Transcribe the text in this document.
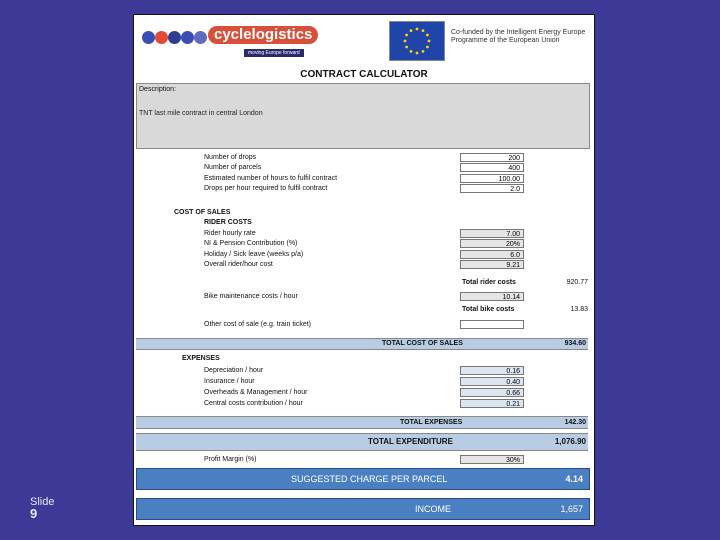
Slide
9
cyclelogistics
moving Europe forward
Co-funded by the Intelligent Energy Europe Programme of the European Union
CONTRACT CALCULATOR
Description:
TNT last mile contract in central London
Number of drops	200
Number of parcels	400
Estimated number of hours to fulfil contract	100.00
Drops per hour required to fulfil contract	2.0
COST OF SALES
RIDER COSTS
Rider hourly rate	7.00
NI & Pension Contribution (%)	20%
Holiday / Sick leave (weeks p/a)	6.0
Overall rider/hour cost	9.21
Total rider costs	920.77
Bike maintenance costs / hour	10.14
Total bike costs	13.83
Other cost of sale (e.g. train ticket)
TOTAL COST OF SALES	934.60
EXPENSES
Depreciation / hour	0.16
Insurance / hour	0.40
Overheads & Management / hour	0.66
Central costs contribution / hour	0.21
TOTAL EXPENSES	142.30
TOTAL EXPENDITURE	1,076.90
Profit Margin (%)	30%
SUGGESTED CHARGE PER PARCEL	4.14
INCOME	1,657
